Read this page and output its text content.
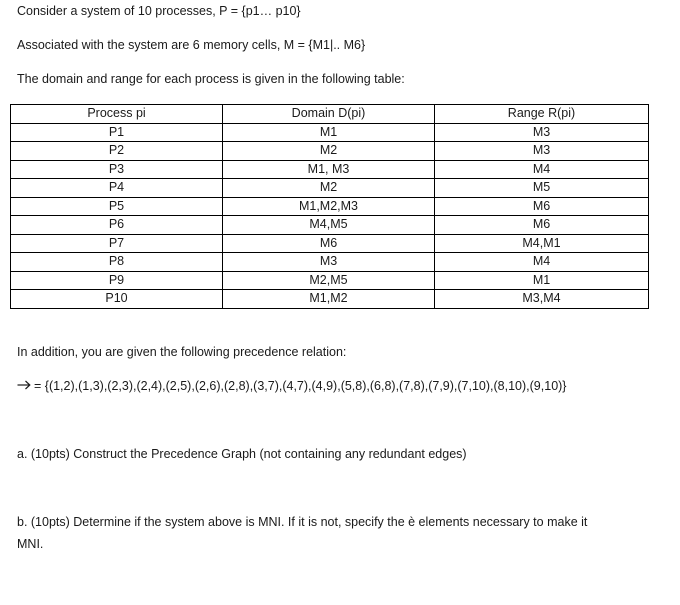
Consider a system of 10 processes, P = {p1… p10}
Associated with the system are 6 memory cells, M = {M1|.. M6}
The domain and range for each process is given in the following table:
Process pi	Domain D(pi)	Range R(pi)
P1	M1	M3
P2	M2	M3
P3	M1, M3	M4
P4	M2	M5
P5	M1,M2,M3	M6
P6	M4,M5	M6
P7	M6	M4,M1
P8	M3	M4
P9	M2,M5	M1
P10	M1,M2	M3,M4
In addition, you are given the following precedence relation:
= {(1,2),(1,3),(2,3),(2,4),(2,5),(2,6),(2,8),(3,7),(4,7),(4,9),(5,8),(6,8),(7,8),(7,9),(7,10),(8,10),(9,10)}
a. (10pts) Construct the Precedence Graph (not containing any redundant edges)
b. (10pts) Determine if the system above is MNI. If it is not, specify the è elements necessary to make it
MNI.
